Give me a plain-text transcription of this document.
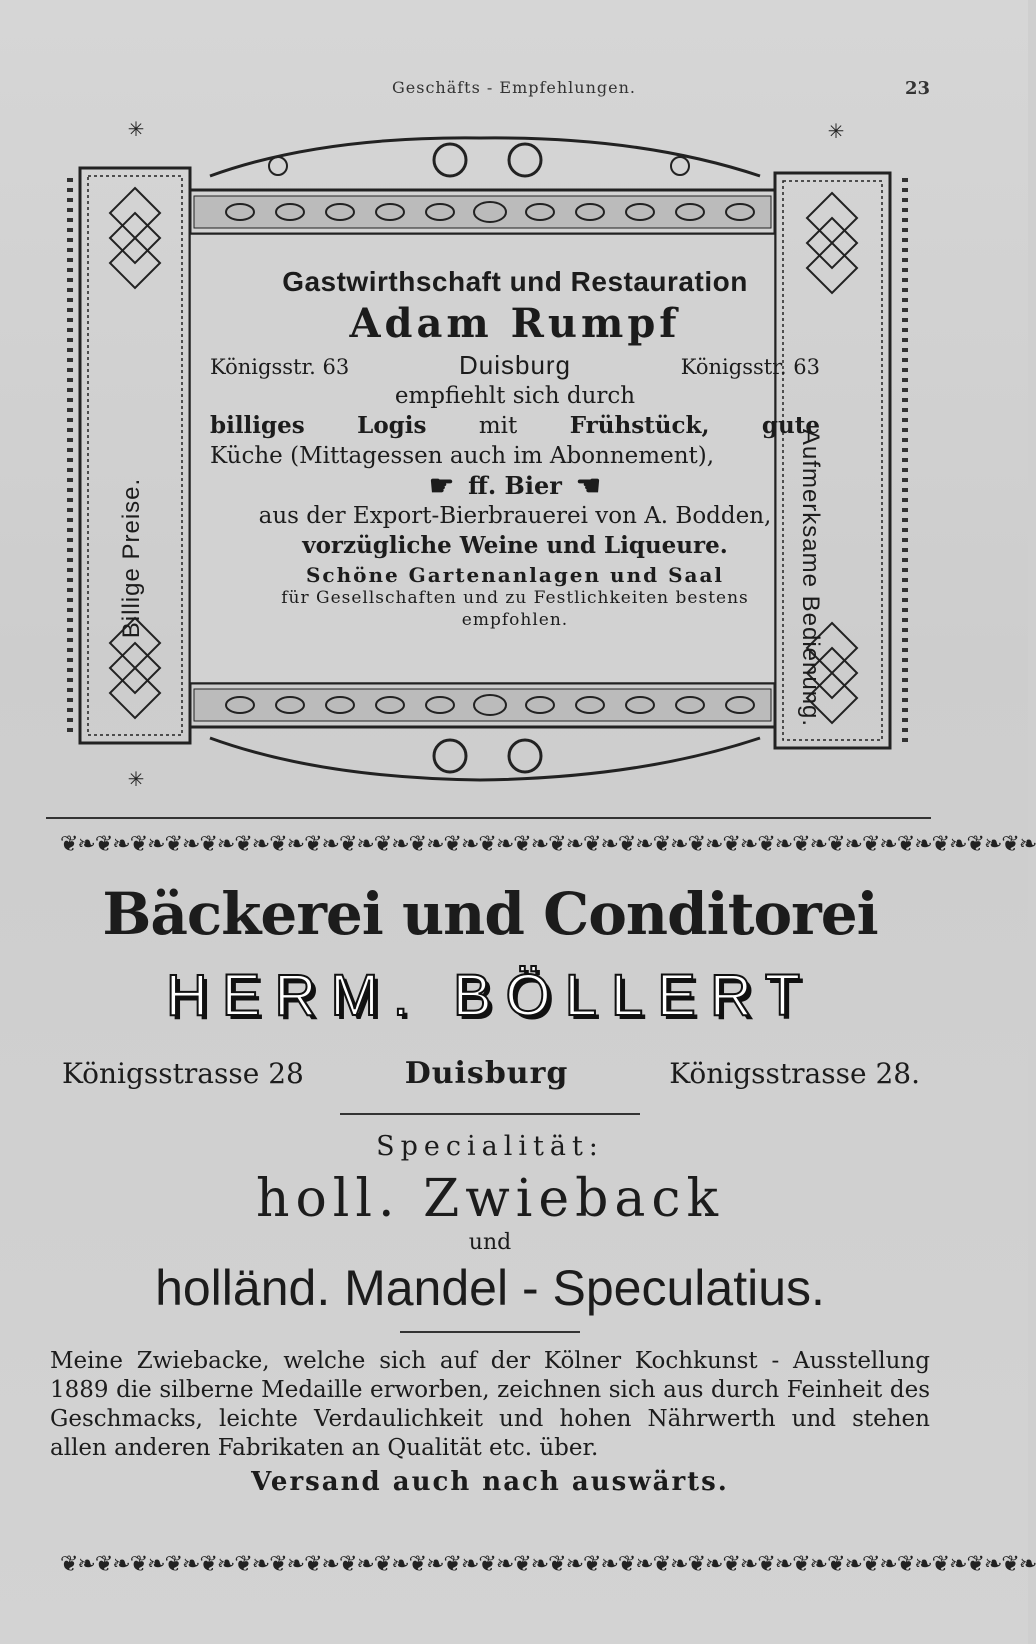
Geschäfts - Empfehlungen.	23
✳	✳
✳
Gastwirthschaft und Restauration
Adam Rumpf
Königsstr. 63	Duisburg	Königsstr. 63
empfiehlt sich durch
billiges Logis mit Frühstück, gute
Küche (Mittagessen auch im Abonnement),
☛ ff. Bier ☚
aus der Export-Bierbrauerei von A. Bodden,
vorzügliche Weine und Liqueure.
Schöne Gartenanlagen und Saal
für Gesellschaften und zu Festlichkeiten bestens
empfohlen.
Billige Preise.	Aufmerksame Bedienung.
❦❧❦❧❦❧❦❧❦❧❦❧❦❧❦❧❦❧❦❧❦❧❦❧❦❧❦❧❦❧❦❧❦❧❦❧❦❧❦❧❦❧❦❧❦❧❦❧❦❧❦❧❦❧❦❧
Bäckerei und Conditorei
HERM. BÖLLERT
Königsstrasse 28	Duisburg	Königsstrasse 28.
Specialität:
holl. Zwieback
und
holländ. Mandel - Speculatius.
Meine Zwiebacke, welche sich auf der Kölner Kochkunst - Ausstellung 1889 die silberne Medaille erworben, zeichnen sich aus durch Feinheit des Geschmacks, leichte Verdaulichkeit und hohen Nährwerth und stehen allen anderen Fabrikaten an Qualität etc. über.
Versand auch nach auswärts.
❦❧❦❧❦❧❦❧❦❧❦❧❦❧❦❧❦❧❦❧❦❧❦❧❦❧❦❧❦❧❦❧❦❧❦❧❦❧❦❧❦❧❦❧❦❧❦❧❦❧❦❧❦❧❦❧
